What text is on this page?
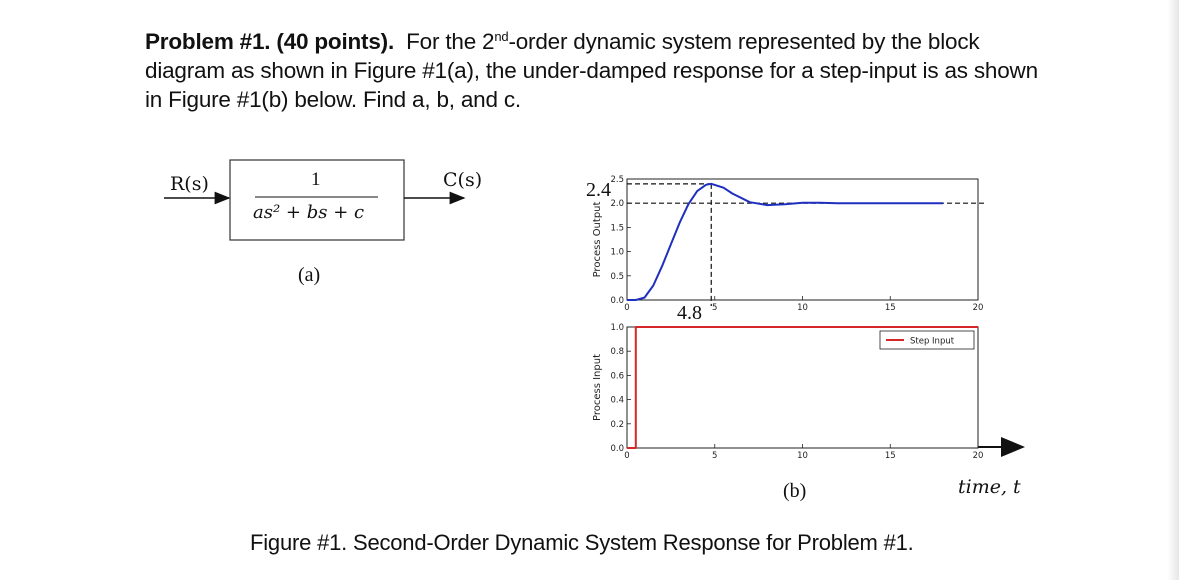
Problem #1. (40 points). For the 2nd-order dynamic system represented by the block
diagram as shown in Figure #1(a), the under-damped response for a step-input is as shown
in Figure #1(b) below. Find a, b, and c.
R(s)	C(s)
1
as² + bs + c
(a)
0	5	10	15	20
0.0
0.5
1.0
1.5
2.0
2.5
Process Output
0	5	10	15	20
0.0
0.2
0.4
0.6
0.8
1.0
Process Input
Step Input
2.4
4.8
(b)	time, t
Figure #1. Second-Order Dynamic System Response for Problem #1.
